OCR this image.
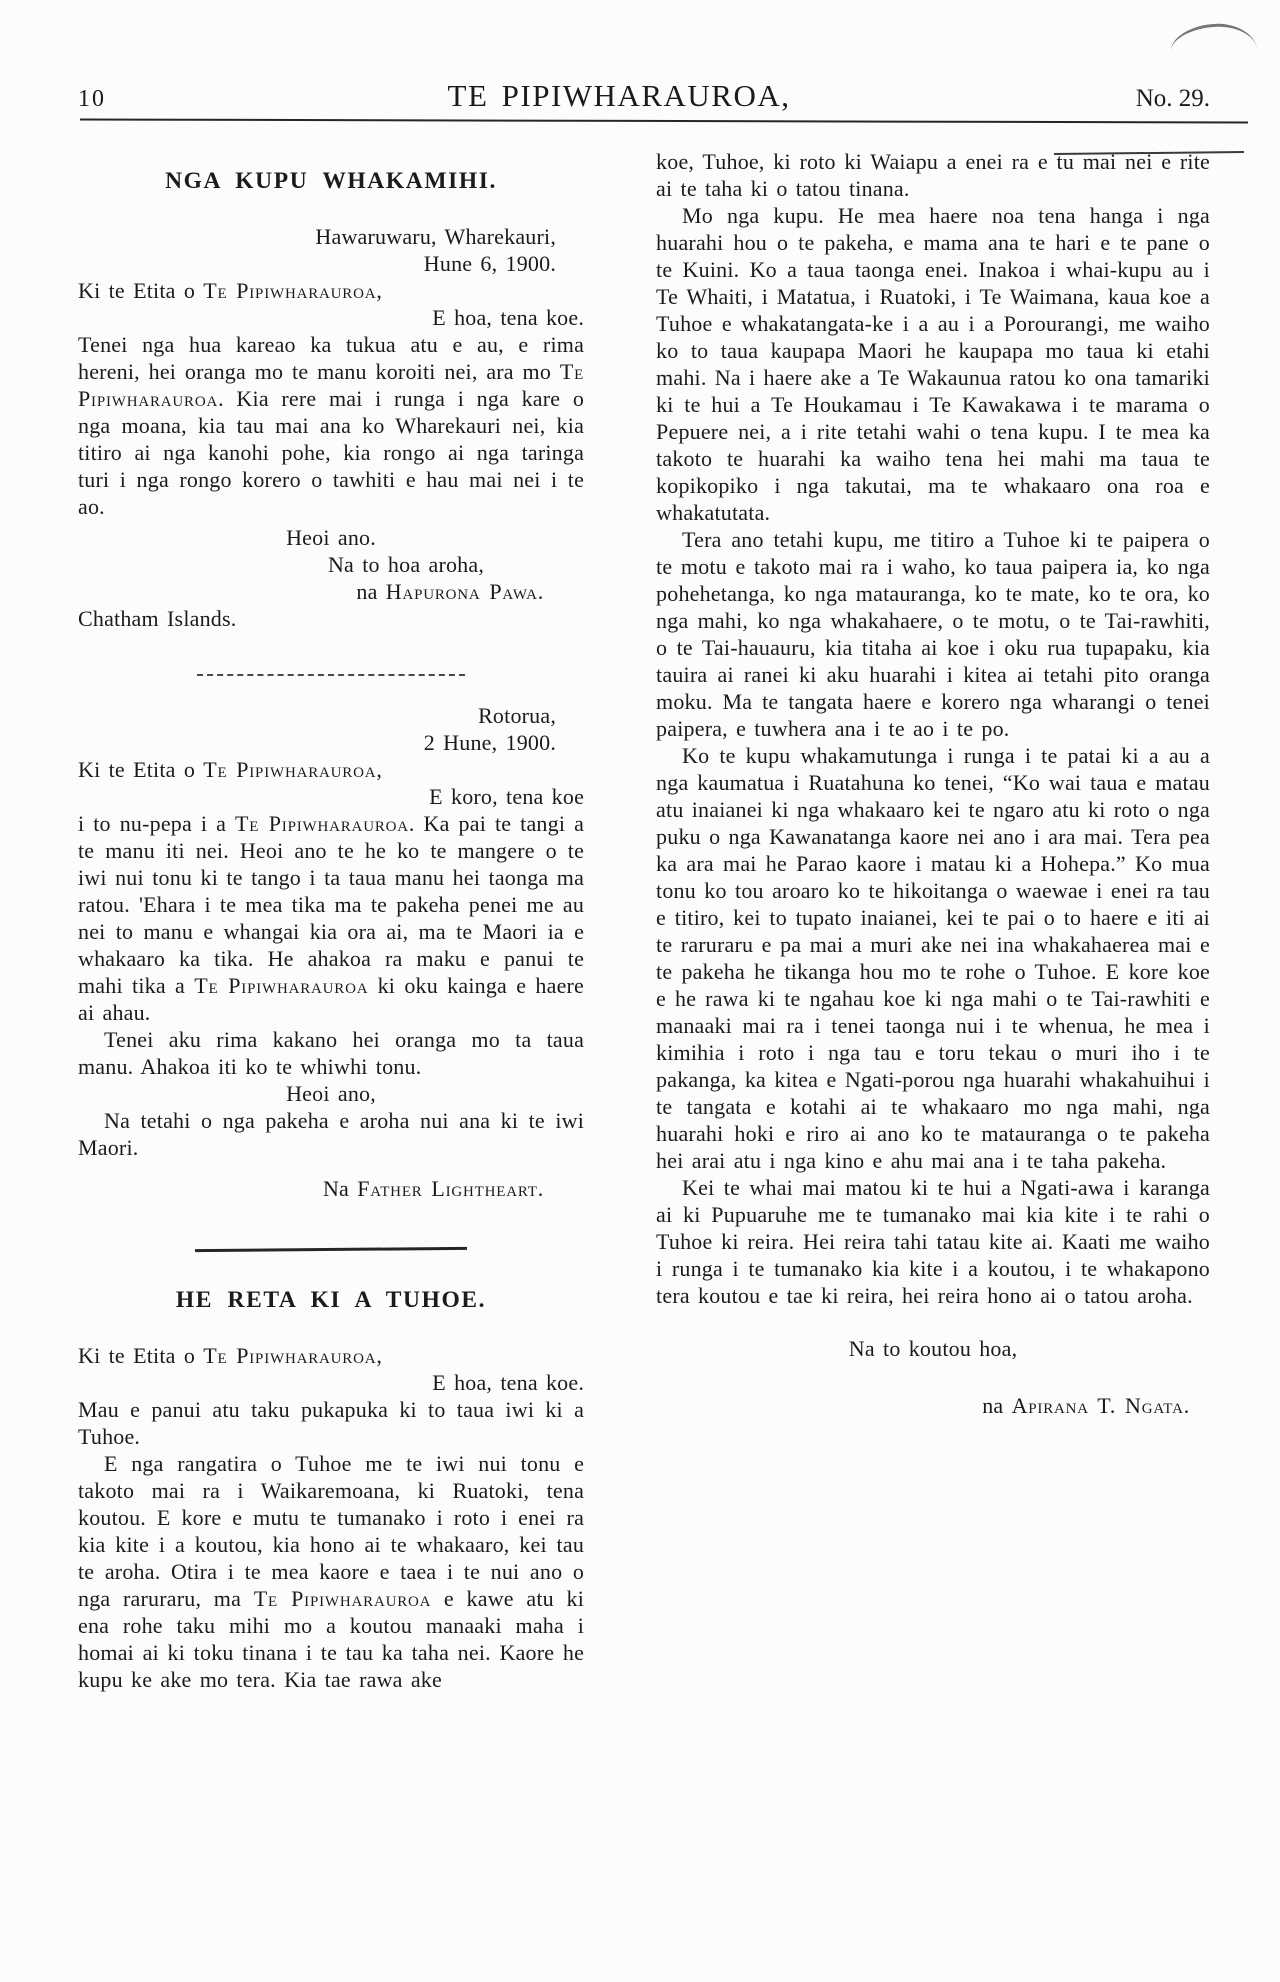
10	TE PIPIWHARAUROA,	No. 29.
NGA KUPU WHAKAMIHI.
Hawaruwaru, Wharekauri,
Hune 6, 1900.
Ki te Etita o Te Pipiwharauroa,
E hoa, tena koe.

Tenei nga hua kareao ka tukua atu e au, e rima hereni, hei oranga mo te manu koroiti nei, ara mo Te Pipiwharauroa. Kia rere mai i runga i nga kare o nga moana, kia tau mai ana ko Wharekauri nei, kia titiro ai nga kanohi pohe, kia rongo ai nga taringa turi i nga rongo korero o tawhiti e hau mai nei i te ao.

Heoi ano.
Na to hoa aroha,
na Hapurona Pawa.
Chatham Islands.
Rotorua,
2 Hune, 1900.
Ki te Etita o Te Pipiwharauroa,
E koro, tena koe

i to nu-pepa i a Te Pipiwharauroa. Ka pai te tangi a te manu iti nei. Heoi ano te he ko te mangere o te iwi nui tonu ki te tango i ta taua manu hei taonga ma ratou. 'Ehara i te mea tika ma te pakeha penei me au nei to manu e whangai kia ora ai, ma te Maori ia e whakaaro ka tika. He ahakoa ra maku e panui te mahi tika a Te Pipiwharauroa ki oku kainga e haere ai ahau.

Tenei aku rima kakano hei oranga mo ta taua manu. Ahakoa iti ko te whiwhi tonu.

Heoi ano,

Na tetahi o nga pakeha e aroha nui ana ki te iwi Maori.

Na Father Lightheart.
HE RETA KI A TUHOE.
Ki te Etita o Te Pipiwharauroa,
E hoa, tena koe.

Mau e panui atu taku pukapuka ki to taua iwi ki a Tuhoe.

E nga rangatira o Tuhoe me te iwi nui tonu e takoto mai ra i Waikaremoana, ki Ruatoki, tena koutou. E kore e mutu te tumanako i roto i enei ra kia kite i a koutou, kia hono ai te whakaaro, kei tau te aroha. Otira i te mea kaore e taea i te nui ano o nga raruraru, ma Te Pipiwharauroa e kawe atu ki ena rohe taku mihi mo a koutou manaaki maha i homai ai ki toku tinana i te tau ka taha nei. Kaore he kupu ke ake mo tera. Kia tae rawa ake

koe, Tuhoe, ki roto ki Waiapu a enei ra e tu mai nei e rite ai te taha ki o tatou tinana.

Mo nga kupu. He mea haere noa tena hanga i nga huarahi hou o te pakeha, e mama ana te hari e te pane o te Kuini. Ko a taua taonga enei. Inakoa i whai-kupu au i Te Whaiti, i Matatua, i Ruatoki, i Te Waimana, kaua koe a Tuhoe e whakatangata-ke i a au i a Porourangi, me waiho ko to taua kaupapa Maori he kaupapa mo taua ki etahi mahi. Na i haere ake a Te Wakaunua ratou ko ona tamariki ki te hui a Te Houkamau i Te Kawakawa i te marama o Pepuere nei, a i rite tetahi wahi o tena kupu. I te mea ka takoto te huarahi ka waiho tena hei mahi ma taua te kopikopiko i nga takutai, ma te whakaaro ona roa e whakatutata.

Tera ano tetahi kupu, me titiro a Tuhoe ki te paipera o te motu e takoto mai ra i waho, ko taua paipera ia, ko nga pohehetanga, ko nga matauranga, ko te mate, ko te ora, ko nga mahi, ko nga whakahaere, o te motu, o te Tai-rawhiti, o te Tai-hauauru, kia titaha ai koe i oku rua tupapaku, kia tauira ai ranei ki aku huarahi i kitea ai tetahi pito oranga moku. Ma te tangata haere e korero nga wharangi o tenei paipera, e tuwhera ana i te ao i te po.

Ko te kupu whakamutunga i runga i te patai ki a au a nga kaumatua i Ruatahuna ko tenei, “Ko wai taua e matau atu inaianei ki nga whakaaro kei te ngaro atu ki roto o nga puku o nga Kawanatanga kaore nei ano i ara mai. Tera pea ka ara mai he Parao kaore i matau ki a Hohepa.” Ko mua tonu ko tou aroaro ko te hikoitanga o waewae i enei ra tau e titiro, kei to tupato inaianei, kei te pai o to haere e iti ai te raruraru e pa mai a muri ake nei ina whakahaerea mai e te pakeha he tikanga hou mo te rohe o Tuhoe. E kore koe e he rawa ki te ngahau koe ki nga mahi o te Tai-rawhiti e manaaki mai ra i tenei taonga nui i te whenua, he mea i kimihia i roto i nga tau e toru tekau o muri iho i te pakanga, ka kitea e Ngati-porou nga huarahi whakahuihui i te tangata e kotahi ai te whakaaro mo nga mahi, nga huarahi hoki e riro ai ano ko te matauranga o te pakeha hei arai atu i nga kino e ahu mai ana i te taha pakeha.

Kei te whai mai matou ki te hui a Ngati-awa i karanga ai ki Pupuaruhe me te tumanako mai kia kite i te rahi o Tuhoe ki reira. Hei reira tahi tatau kite ai. Kaati me waiho i runga i te tumanako kia kite i a koutou, i te whakapono tera koutou e tae ki reira, hei reira hono ai o tatou aroha.

Na to koutou hoa,
na Apirana T. Ngata.
